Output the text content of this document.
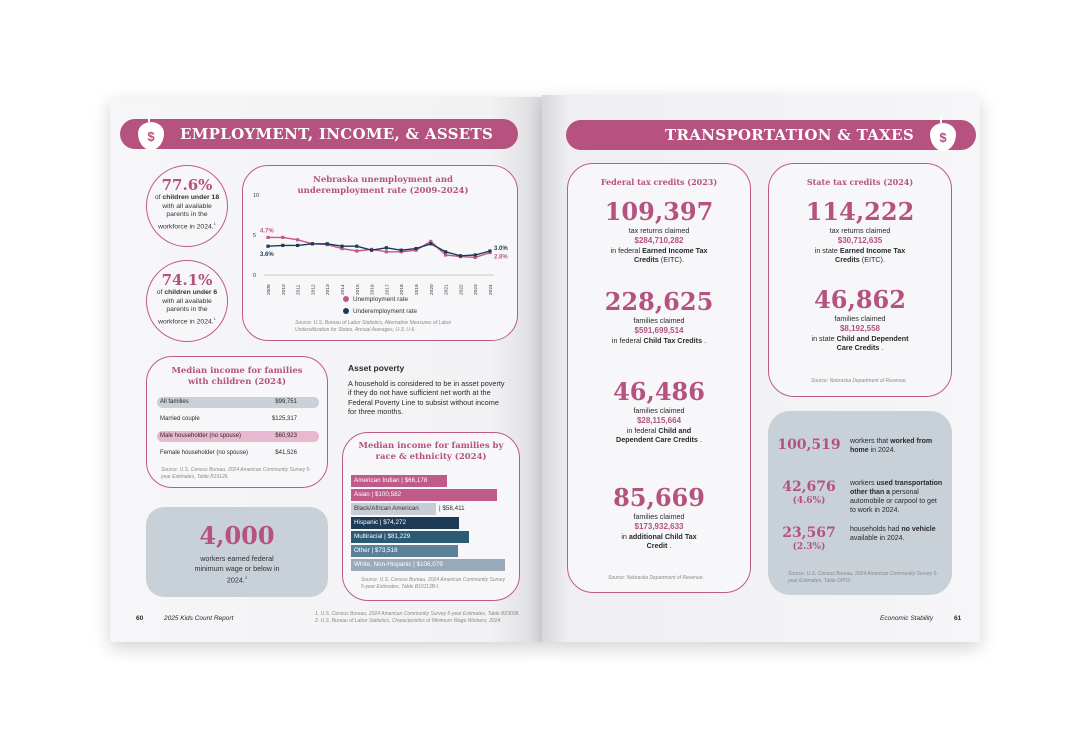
EMPLOYMENT, INCOME, & ASSETS
$
77.6%
of children under 18 with all available parents in the workforce in 2024.$^1$
74.1%
of children under 6 with all available parents in the workforce in 2024.$^1$
Nebraska unemployment and underemployment rate (2009-2024)
0
5
10
2009 2010 2011 2012 2013 2014 2015 2016 2017 2018 2019 2020 2021 2022 2023 2024
4.7%
3.6%
3.0%
2.8%
Unemployment rate
Underemployment rate
Source: U.S. Bureau of Labor Statistics, Alternative Measures of Labor Underutilization for States, Annual Averages, U-3, U-6.
Median income for families with children (2024)
All families	$99,751
Married couple	$125,317
Male householder (no spouse)	$60,923
Female householder (no spouse)	$41,526
Source: U.S. Census Bureau, 2024 American Community Survey 5-year Estimates, Table B19126.
Asset poverty
A household is considered to be in asset poverty if they do not have sufficient net worth at the Federal Poverty Line to subsist without income for three months.
4,000
workers earned federal minimum wage or below in 2024.$^2$
Median income for families by race & ethnicity (2024)
American Indian | $66,178
Asian | $100,582
Black/African American	| $58,411
Hispanic | $74,272
Multiracial | $81,229
Other | $73,518
White, Non-Hispanic | $106,079
Source: U.S. Census Bureau, 2024 American Community Survey 5-year Estimates, Table B19113B-I.
60	2025 Kids Count Report
1. U.S. Census Bureau, 2024 American Community Survey 5-year Estimates, Table B23008.
2. U.S. Bureau of Labor Statistics, Characteristics of Minimum Wage Workers, 2024.
TRANSPORTATION & TAXES	$
Federal tax credits (2023)
109,397
tax returns claimed
$284,710,282
in federal Earned Income Tax Credits (EITC).
228,625
families claimed
$591,699,514
in federal Child Tax Credits .
46,486
families claimed
$28,115,664
in federal Child and Dependent Care Credits .
85,669
families claimed
$173,932,633
in additional Child Tax Credit .
Source: Nebraska Department of Revenue.
State tax credits (2024)
114,222
tax returns claimed
$30,712,635
in state Earned Income Tax Credits (EITC).
46,862
families claimed
$8,192,558
in state Child and Dependent Care Credits .
Source: Nebraska Department of Revenue.
100,519	workers that worked from home in 2024.
42,676
(4.6%)
workers used transportation other than a personal automobile or carpool to get to work in 2024.
23,567
(2.3%)
households had no vehicle available in 2024.
Source: U.S. Census Bureau, 2024 American Community Survey 5-year Estimates, Table DP03.
Economic Stability	61
